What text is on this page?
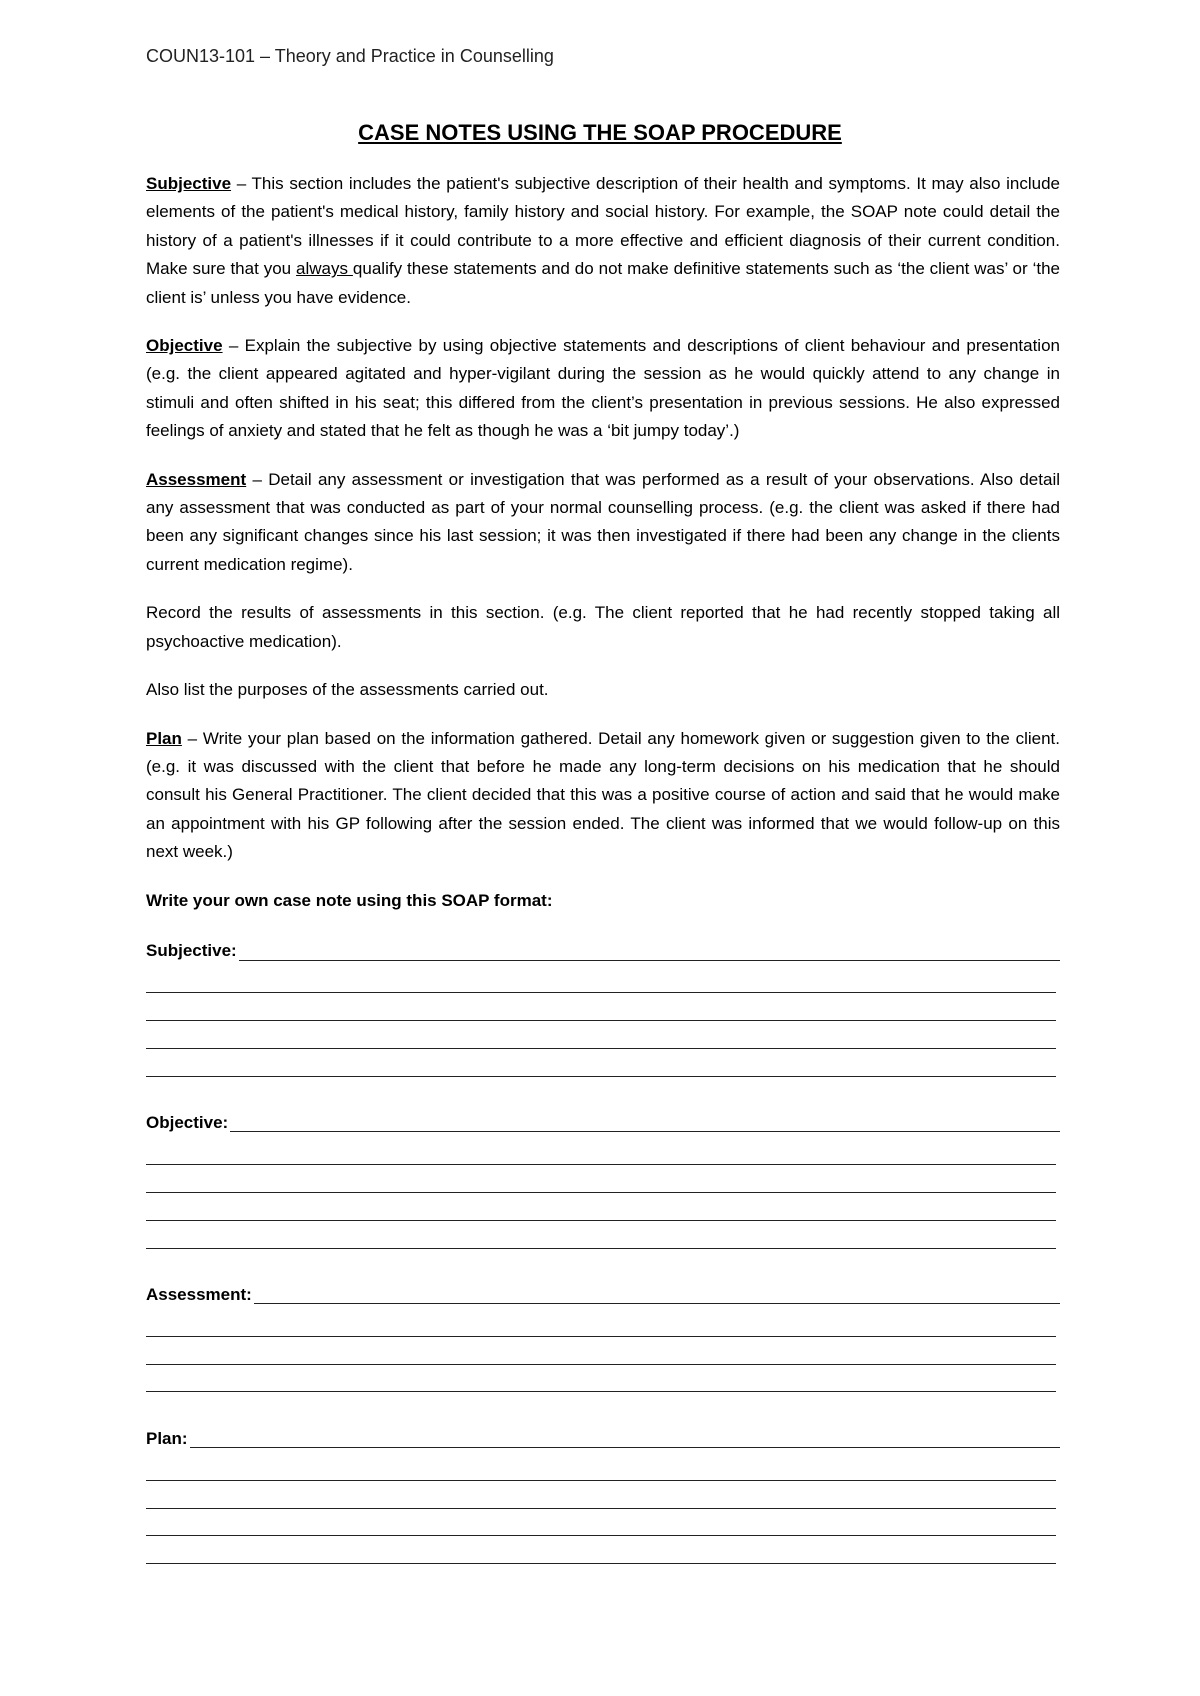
COUN13-101 – Theory and Practice in Counselling
CASE NOTES USING THE SOAP PROCEDURE

Subjective – This section includes the patient's subjective description of their health and symptoms. It may also include elements of the patient's medical history, family history and social history. For example, the SOAP note could detail the history of a patient's illnesses if it could contribute to a more effective and efficient diagnosis of their current condition. Make sure that you always qualify these statements and do not make definitive statements such as ‘the client was’ or ‘the client is’ unless you have evidence.

Objective – Explain the subjective by using objective statements and descriptions of client behaviour and presentation (e.g. the client appeared agitated and hyper-vigilant during the session as he would quickly attend to any change in stimuli and often shifted in his seat; this differed from the client’s presentation in previous sessions. He also expressed feelings of anxiety and stated that he felt as though he was a ‘bit jumpy today’.)

Assessment – Detail any assessment or investigation that was performed as a result of your observations. Also detail any assessment that was conducted as part of your normal counselling process. (e.g. the client was asked if there had been any significant changes since his last session; it was then investigated if there had been any change in the clients current medication regime).

Record the results of assessments in this section. (e.g. The client reported that he had recently stopped taking all psychoactive medication).

Also list the purposes of the assessments carried out.

Plan – Write your plan based on the information gathered. Detail any homework given or suggestion given to the client. (e.g. it was discussed with the client that before he made any long-term decisions on his medication that he should consult his General Practitioner. The client decided that this was a positive course of action and said that he would make an appointment with his GP following after the session ended. The client was informed that we would follow-up on this next week.)

Write your own case note using this SOAP format:

Subjective:
Objective:
Assessment:
Plan:
